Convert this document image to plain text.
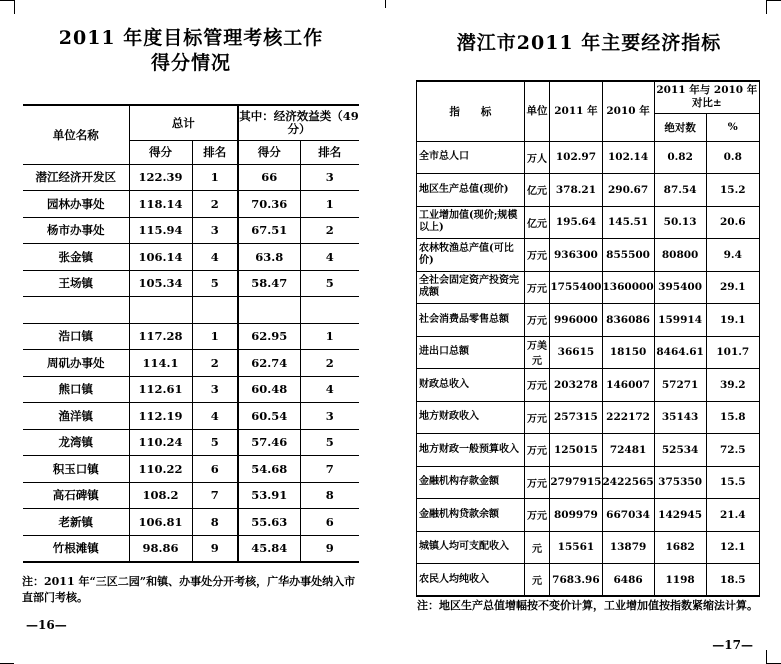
2011 年度目标管理考核工作
得分情况
单位名称	总计		其中：经济效益类（49 分）	
	得分	排名	得分	排名
潜江经济开发区	122.39	1	66	3
园林办事处	118.14	2	70.36	1
杨市办事处	115.94	3	67.51	2
张金镇	106.14	4	63.8	4
王场镇	105.34	5	58.47	5

浩口镇	117.28	1	62.95	1
周矶办事处	114.1	2	62.74	2
熊口镇	112.61	3	60.48	4
渔洋镇	112.19	4	60.54	3
龙湾镇	110.24	5	57.46	5
积玉口镇	110.22	6	54.68	7
高石碑镇	108.2	7	53.91	8
老新镇	106.81	8	55.63	6
竹根滩镇	98.86	9	45.84	9
注：2011 年“三区二园”和镇、办事处分开考核，广华办事处纳入市直部门考核。
—16—
潜江市2011 年主要经济指标
指　　标	单位	2011 年	2010 年	2011 年与 2010 年对比±	
				绝对数	%
全市总人口	万人	102.97	102.14	0.82	0.8
地区生产总值(现价)	亿元	378.21	290.67	87.54	15.2
工业增加值(现价;规模以上)	亿元	195.64	145.51	50.13	20.6
农林牧渔总产值(可比价)	万元	936300	855500	80800	9.4
全社会固定资产投资完成额	万元	1755400	1360000	395400	29.1
社会消费品零售总额	万元	996000	836086	159914	19.1
进出口总额	万美元	36615	18150	8464.61	101.7
财政总收入	万元	203278	146007	57271	39.2
地方财政收入	万元	257315	222172	35143	15.8
地方财政一般预算收入	万元	125015	72481	52534	72.5
金融机构存款金额	万元	2797915	2422565	375350	15.5
金融机构贷款余额	万元	809979	667034	142945	21.4
城镇人均可支配收入	元	15561	13879	1682	12.1
农民人均纯收入	元	7683.96	6486	1198	18.5
注：地区生产总值增幅按不变价计算，工业增加值按指数紧缩法计算。
—17—
